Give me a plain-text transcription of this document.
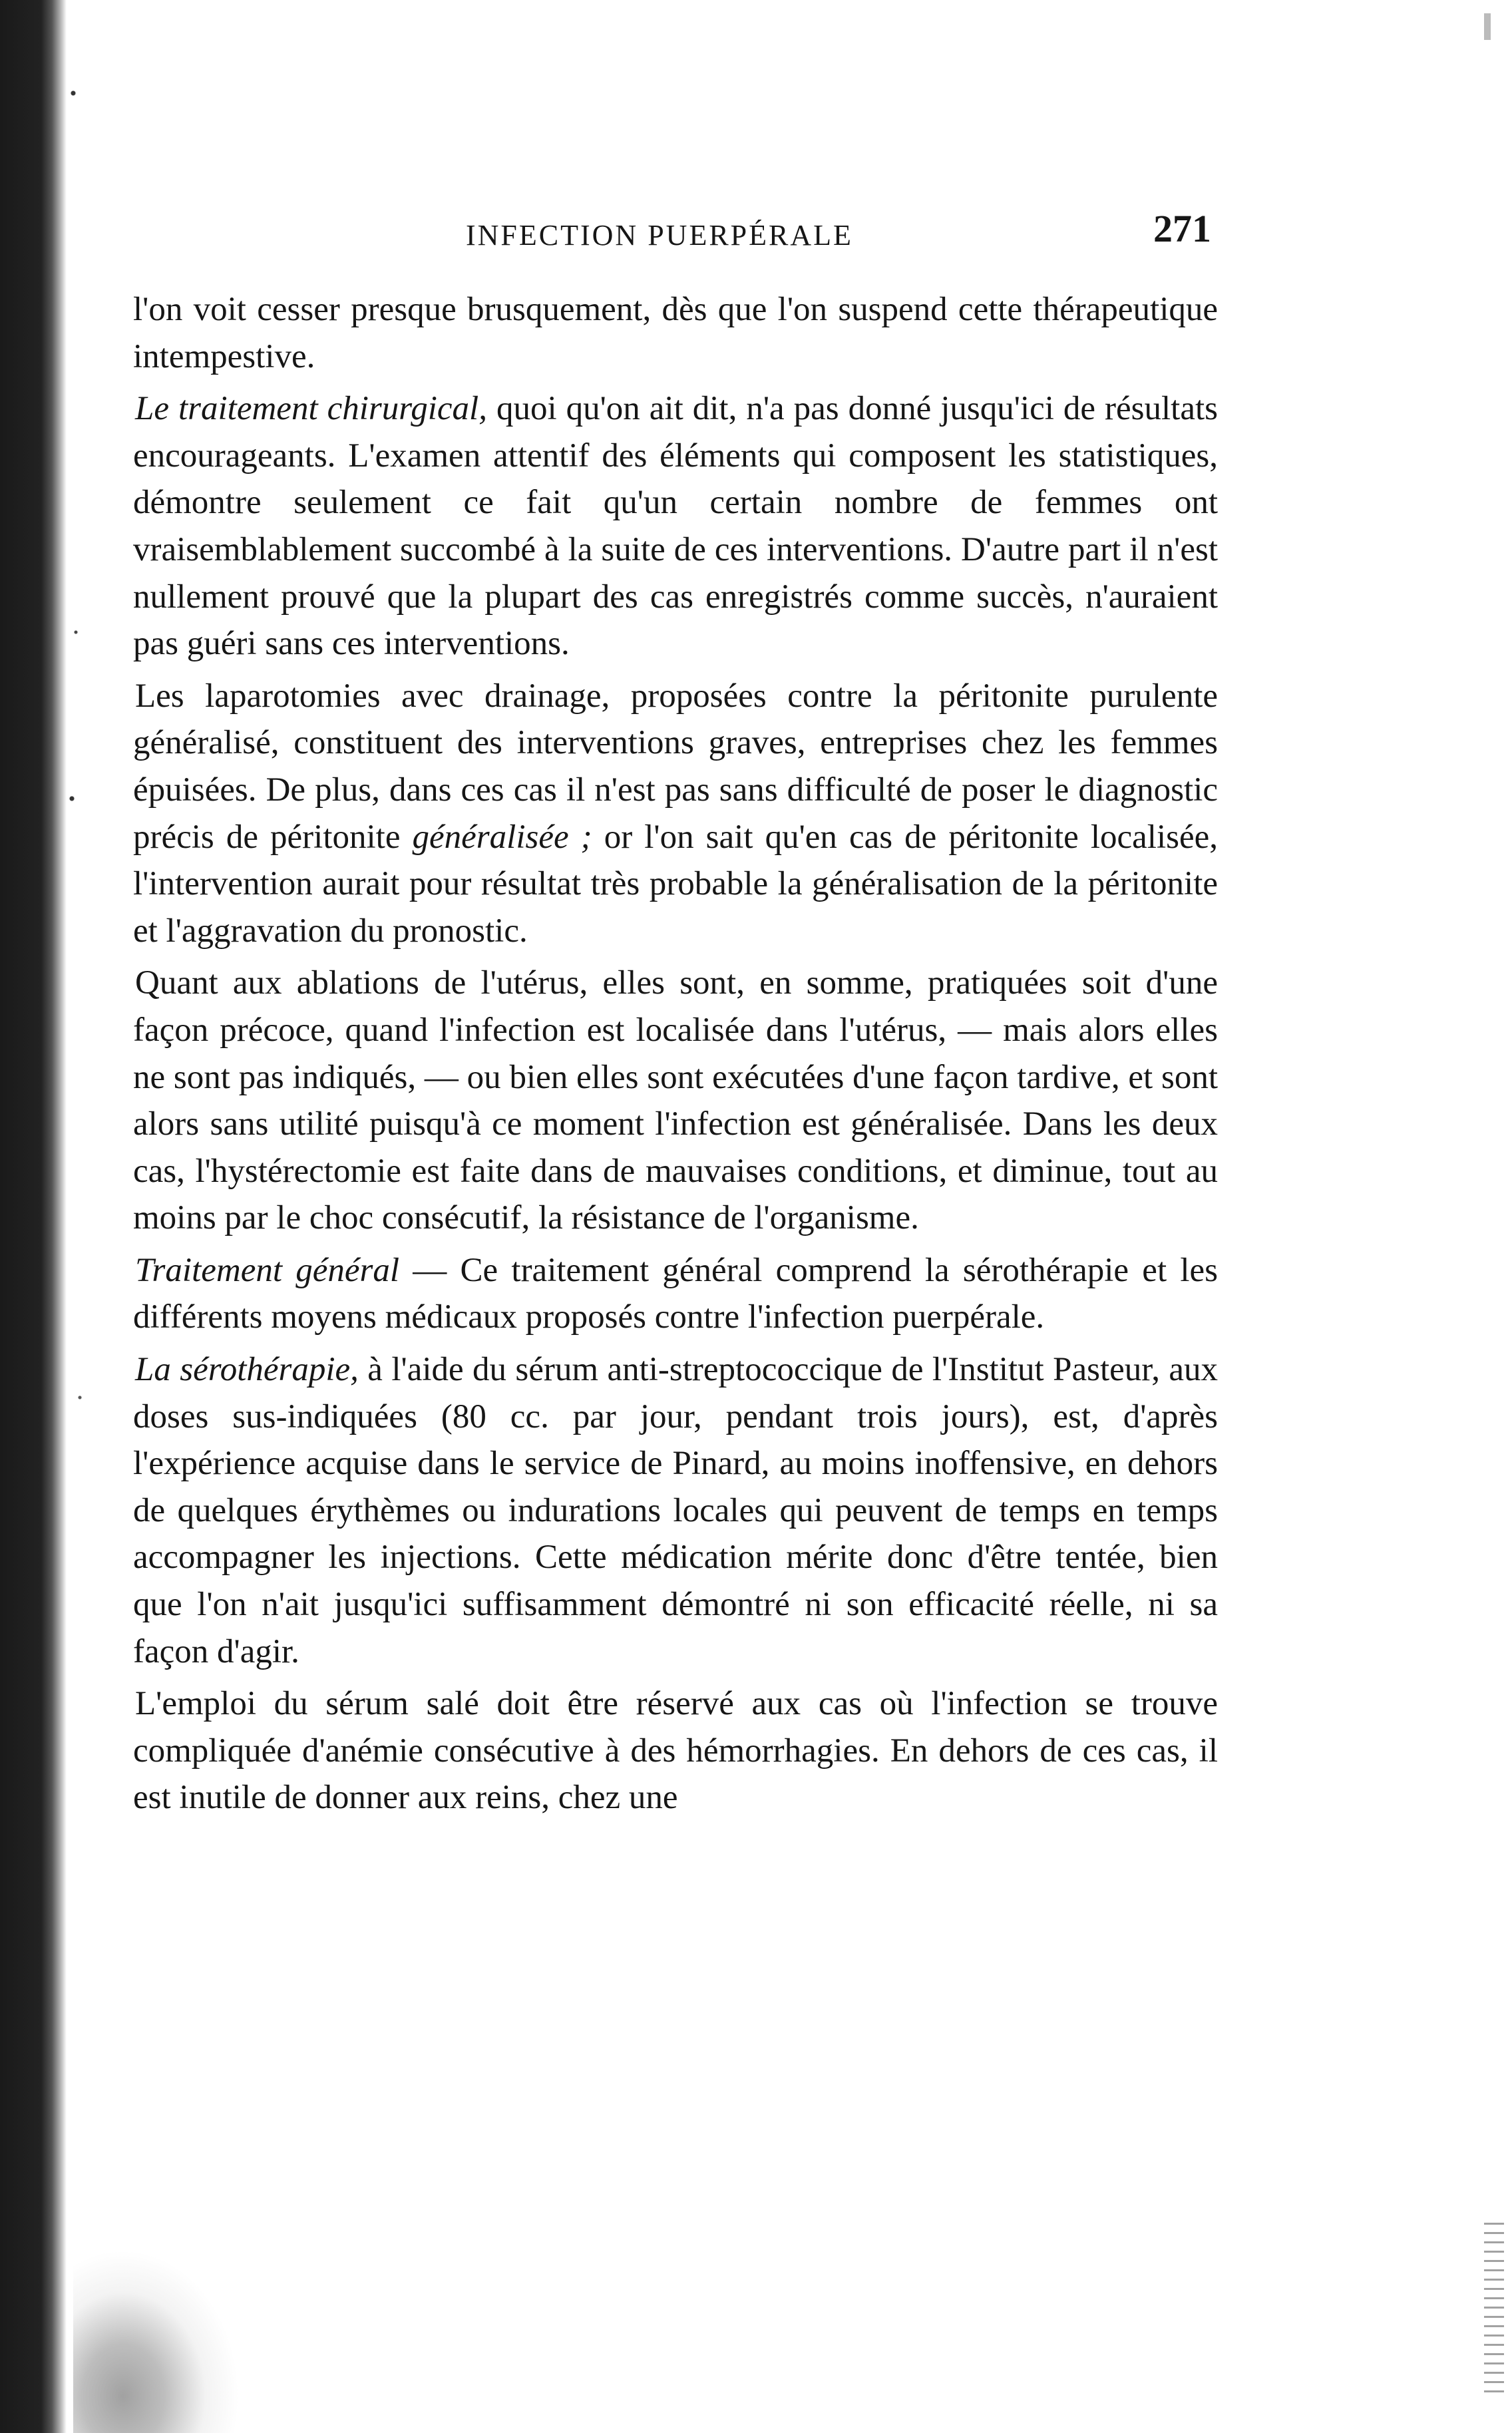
INFECTION PUERPÉRALE	271

l'on voit cesser presque brusquement, dès que l'on suspend cette thérapeutique intempestive.

Le traitement chirurgical, quoi qu'on ait dit, n'a pas donné jusqu'ici de résultats encourageants. L'examen attentif des éléments qui composent les statistiques, démontre seulement ce fait qu'un certain nombre de femmes ont vraisemblablement succombé à la suite de ces interventions. D'autre part il n'est nullement prouvé que la plupart des cas enregistrés comme succès, n'auraient pas guéri sans ces interventions.

Les laparotomies avec drainage, proposées contre la péritonite purulente généralisé, constituent des interventions graves, entreprises chez les femmes épuisées. De plus, dans ces cas il n'est pas sans difficulté de poser le diagnostic précis de péritonite généralisée ; or l'on sait qu'en cas de péritonite localisée, l'intervention aurait pour résultat très probable la généralisation de la péritonite et l'aggravation du pronostic.

Quant aux ablations de l'utérus, elles sont, en somme, pratiquées soit d'une façon précoce, quand l'infection est localisée dans l'utérus, — mais alors elles ne sont pas indiqués, — ou bien elles sont exécutées d'une façon tardive, et sont alors sans utilité puisqu'à ce moment l'infection est généralisée. Dans les deux cas, l'hystérectomie est faite dans de mauvaises conditions, et diminue, tout au moins par le choc consécutif, la résistance de l'organisme.

Traitement général — Ce traitement général comprend la sérothérapie et les différents moyens médicaux proposés contre l'infection puerpérale.

La sérothérapie, à l'aide du sérum anti-streptococcique de l'Institut Pasteur, aux doses sus-indiquées (80 cc. par jour, pendant trois jours), est, d'après l'expérience acquise dans le service de Pinard, au moins inoffensive, en dehors de quelques érythèmes ou indurations locales qui peuvent de temps en temps accompagner les injections. Cette médication mérite donc d'être tentée, bien que l'on n'ait jusqu'ici suffisamment démontré ni son efficacité réelle, ni sa façon d'agir.

L'emploi du sérum salé doit être réservé aux cas où l'infection se trouve compliquée d'anémie consécutive à des hémorrhagies. En dehors de ces cas, il est inutile de donner aux reins, chez une
